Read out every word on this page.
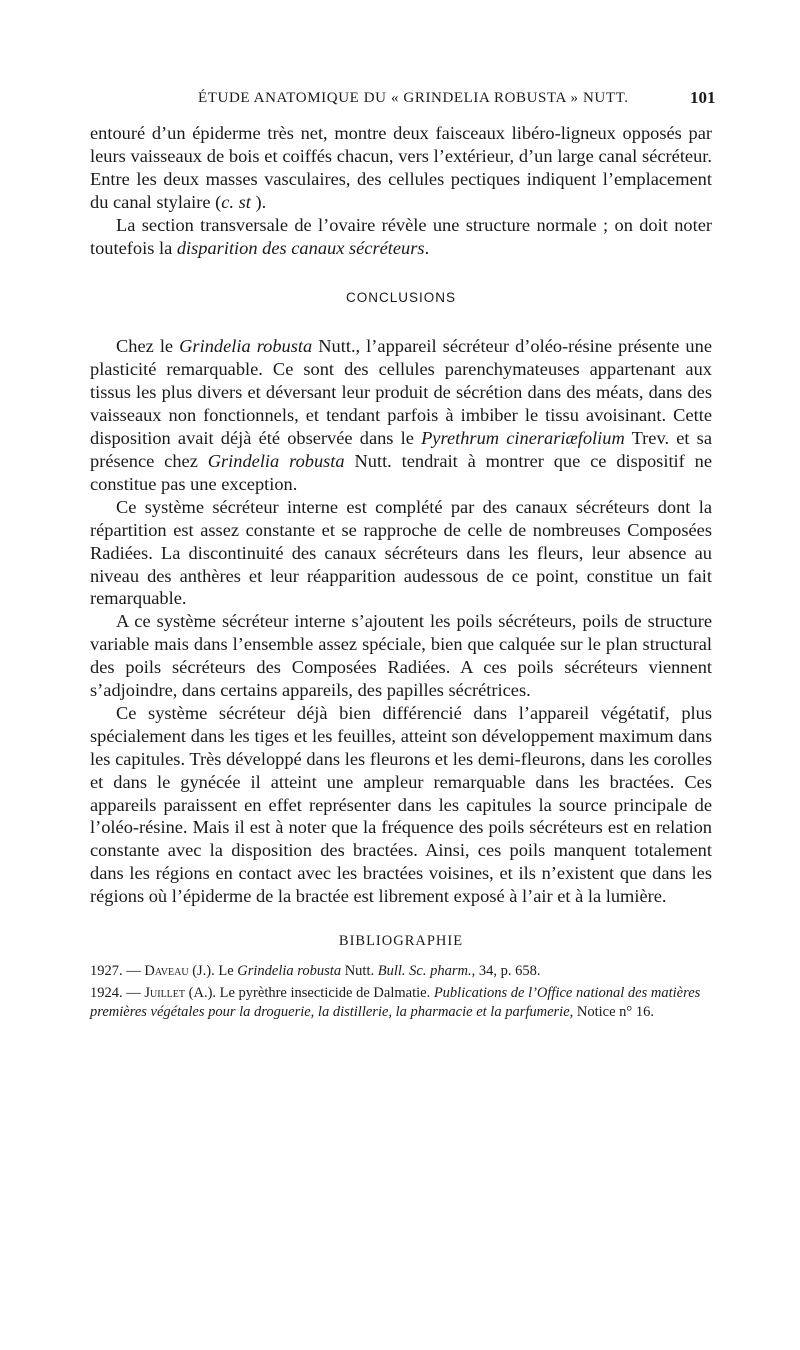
ÉTUDE ANATOMIQUE DU « GRINDELIA ROBUSTA » NUTT.	101

entouré d’un épiderme très net, montre deux faisceaux libéro-ligneux opposés par leurs vaisseaux de bois et coiffés chacun, vers l’extérieur, d’un large canal sécréteur. Entre les deux masses vasculaires, des cellules pectiques indiquent l’emplacement du canal stylaire (c. st ).

La section transversale de l’ovaire révèle une structure normale ; on doit noter toutefois la disparition des canaux sécréteurs.

CONCLUSIONS

Chez le Grindelia robusta Nutt., l’appareil sécréteur d’oléo-résine présente une plasticité remarquable. Ce sont des cellules parenchymateuses appartenant aux tissus les plus divers et déversant leur produit de sécrétion dans des méats, dans des vaisseaux non fonctionnels, et tendant parfois à imbiber le tissu avoisinant. Cette disposition avait déjà été observée dans le Pyrethrum cinerariæfolium Trev. et sa présence chez Grindelia robusta Nutt. tendrait à montrer que ce dispositif ne constitue pas une exception.

Ce système sécréteur interne est complété par des canaux sécréteurs dont la répartition est assez constante et se rapproche de celle de nombreuses Composées Radiées. La discontinuité des canaux sécréteurs dans les fleurs, leur absence au niveau des anthères et leur réapparition audessous de ce point, constitue un fait remarquable.

A ce système sécréteur interne s’ajoutent les poils sécréteurs, poils de structure variable mais dans l’ensemble assez spéciale, bien que calquée sur le plan structural des poils sécréteurs des Composées Radiées. A ces poils sécréteurs viennent s’adjoindre, dans certains appareils, des papilles sécrétrices.

Ce système sécréteur déjà bien différencié dans l’appareil végétatif, plus spécialement dans les tiges et les feuilles, atteint son développement maximum dans les capitules. Très développé dans les fleurons et les demi-fleurons, dans les corolles et dans le gynécée il atteint une ampleur remarquable dans les bractées. Ces appareils paraissent en effet représenter dans les capitules la source principale de l’oléo-résine. Mais il est à noter que la fréquence des poils sécréteurs est en relation constante avec la disposition des bractées. Ainsi, ces poils manquent totalement dans les régions en contact avec les bractées voisines, et ils n’existent que dans les régions où l’épiderme de la bractée est librement exposé à l’air et à la lumière.

BIBLIOGRAPHIE
1927. — Daveau (J.). Le Grindelia robusta Nutt. Bull. Sc. pharm., 34, p. 658.
1924. — Juillet (A.). Le pyrèthre insecticide de Dalmatie. Publications de l’Office national des matières premières végétales pour la droguerie, la distillerie, la pharmacie et la parfumerie, Notice n° 16.
